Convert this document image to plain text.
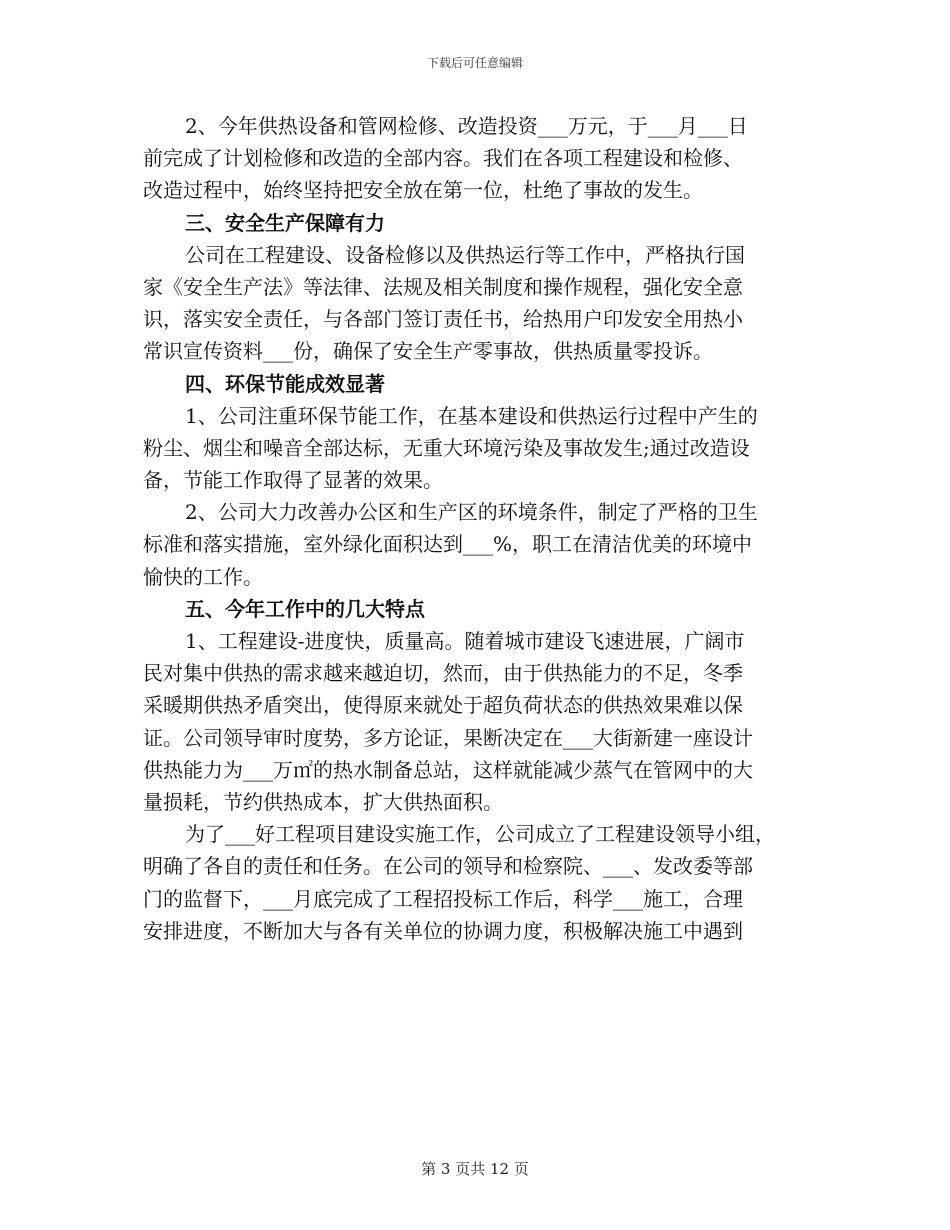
下载后可任意编辑
2、今年供热设备和管网检修、改造投资___万元，于___月___日
前完成了计划检修和改造的全部内容。我们在各项工程建设和检修、
改造过程中，始终坚持把安全放在第一位，杜绝了事故的发生。
三、安全生产保障有力
公司在工程建设、设备检修以及供热运行等工作中，严格执行国
家《安全生产法》等法律、法规及相关制度和操作规程，强化安全意
识，落实安全责任，与各部门签订责任书，给热用户印发安全用热小
常识宣传资料___份，确保了安全生产零事故，供热质量零投诉。
四、环保节能成效显著
1、公司注重环保节能工作，在基本建设和供热运行过程中产生的
粉尘、烟尘和噪音全部达标，无重大环境污染及事故发生;通过改造设
备，节能工作取得了显著的效果。
2、公司大力改善办公区和生产区的环境条件，制定了严格的卫生
标准和落实措施，室外绿化面积达到___%，职工在清洁优美的环境中
愉快的工作。
五、今年工作中的几大特点
1、工程建设-进度快，质量高。随着城市建设飞速进展，广阔市
民对集中供热的需求越来越迫切，然而，由于供热能力的不足，冬季
采暖期供热矛盾突出，使得原来就处于超负荷状态的供热效果难以保
证。公司领导审时度势，多方论证，果断决定在___大街新建一座设计
供热能力为___万㎡的热水制备总站，这样就能减少蒸气在管网中的大
量损耗，节约供热成本，扩大供热面积。
为了___好工程项目建设实施工作，公司成立了工程建设领导小组，
明确了各自的责任和任务。在公司的领导和检察院、___、发改委等部
门的监督下，___月底完成了工程招投标工作后，科学___施工，合理
安排进度，不断加大与各有关单位的协调力度，积极解决施工中遇到
第 3 页共 12 页
